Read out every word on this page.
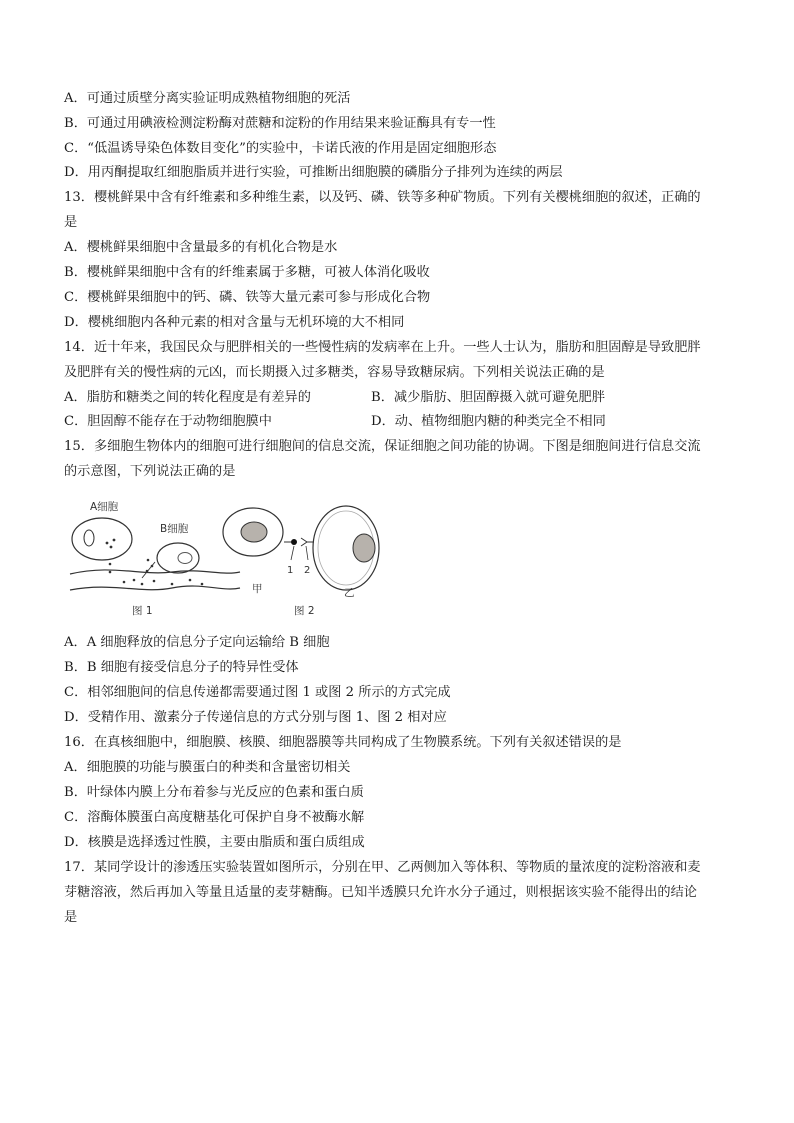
A．可通过质壁分离实验证明成熟植物细胞的死活
B．可通过用碘液检测淀粉酶对蔗糖和淀粉的作用结果来验证酶具有专一性
C．“低温诱导染色体数目变化”的实验中，卡诺氏液的作用是固定细胞形态
D．用丙酮提取红细胞脂质并进行实验，可推断出细胞膜的磷脂分子排列为连续的两层
13．樱桃鲜果中含有纤维素和多种维生素，以及钙、磷、铁等多种矿物质。下列有关樱桃细胞的叙述，正确的
是
A．樱桃鲜果细胞中含量最多的有机化合物是水
B．樱桃鲜果细胞中含有的纤维素属于多糖，可被人体消化吸收
C．樱桃鲜果细胞中的钙、磷、铁等大量元素可参与形成化合物
D．樱桃细胞内各种元素的相对含量与无机环境的大不相同
14．近十年来，我国民众与肥胖相关的一些慢性病的发病率在上升。一些人士认为，脂肪和胆固醇是导致肥胖
及肥胖有关的慢性病的元凶，而长期摄入过多糖类，容易导致糖尿病。下列相关说法正确的是
A．脂肪和糖类之间的转化程度是有差异的	B．减少脂肪、胆固醇摄入就可避免肥胖
C．胆固醇不能存在于动物细胞膜中	D．动、植物细胞内糖的种类完全不相同
15．多细胞生物体内的细胞可进行细胞间的信息交流，保证细胞之间功能的协调。下图是细胞间进行信息交流
的示意图，下列说法正确的是
A细胞
B细胞
图 1
1 2
甲	乙
图 2
A．A 细胞释放的信息分子定向运输给 B 细胞
B．B 细胞有接受信息分子的特异性受体
C．相邻细胞间的信息传递都需要通过图 1 或图 2 所示的方式完成
D．受精作用、激素分子传递信息的方式分别与图 1、图 2 相对应
16．在真核细胞中，细胞膜、核膜、细胞器膜等共同构成了生物膜系统。下列有关叙述错误的是
A．细胞膜的功能与膜蛋白的种类和含量密切相关
B．叶绿体内膜上分布着参与光反应的色素和蛋白质
C．溶酶体膜蛋白高度糖基化可保护自身不被酶水解
D．核膜是选择透过性膜，主要由脂质和蛋白质组成
17．某同学设计的渗透压实验装置如图所示，分别在甲、乙两侧加入等体积、等物质的量浓度的淀粉溶液和麦
芽糖溶液，然后再加入等量且适量的麦芽糖酶。已知半透膜只允许水分子通过，则根据该实验不能得出的结论
是
